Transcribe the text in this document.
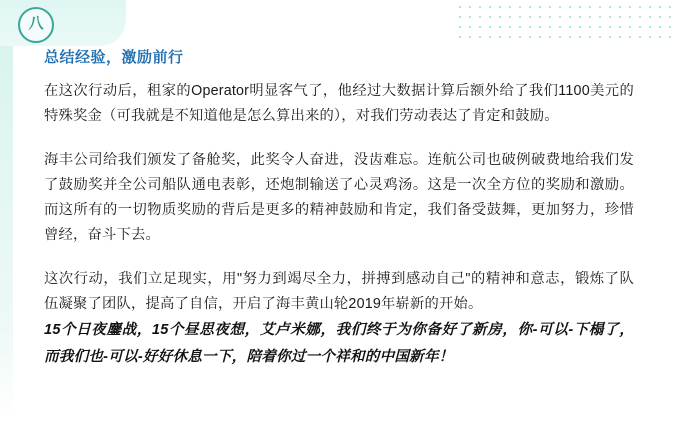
八
总结经验，激励前行

在这次行动后，租家的Operator明显客气了，他经过大数据计算后额外给了我们1100美元的特殊奖金（可我就是不知道他是怎么算出来的），对我们劳动表达了肯定和鼓励。

海丰公司给我们颁发了备舱奖，此奖令人奋进，没齿难忘。连航公司也破例破费地给我们发了鼓励奖并全公司船队通电表彰，还炮制输送了心灵鸡汤。这是一次全方位的奖励和激励。而这所有的一切物质奖励的背后是更多的精神鼓励和肯定，我们备受鼓舞，更加努力，珍惜曾经，奋斗下去。

这次行动，我们立足现实，用"努力到竭尽全力，拼搏到感动自己"的精神和意志，锻炼了队伍凝聚了团队，提高了自信，开启了海丰黄山轮2019年崭新的开始。

15个日夜鏖战，15个昼思夜想，艾卢米娜，我们终于为你备好了新房，你-可以-下榻了，而我们也-可以-好好休息一下，陪着你过一个祥和的中国新年！
